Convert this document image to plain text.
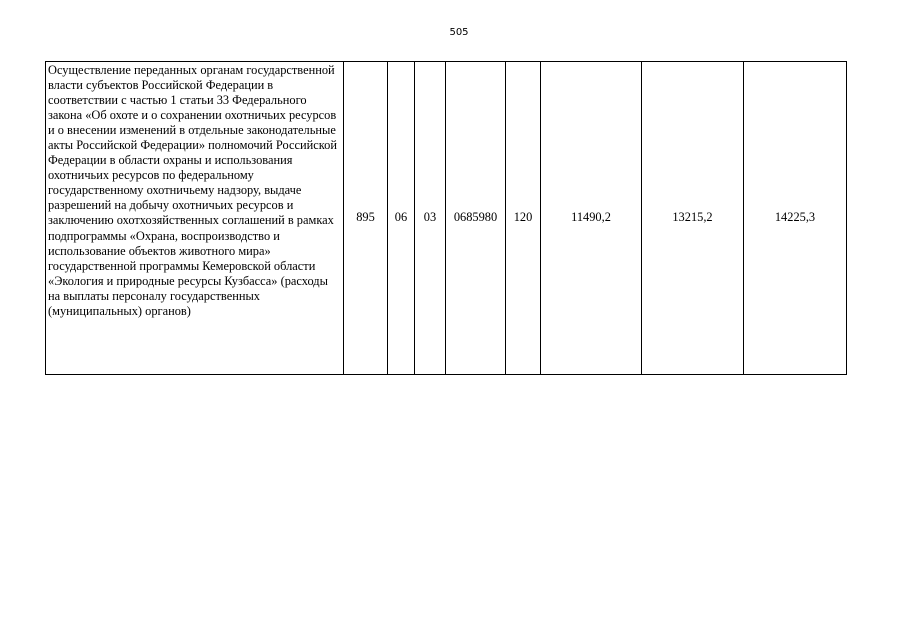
505
Осуществление переданных органам государственной власти субъектов Российской Федерации в соответствии с частью 1 статьи 33 Федерального закона «Об охоте и о сохранении охотничьих ресурсов и о внесении изменений в отдельные законодательные акты Российской Федерации» полномочий Российской Федерации в области охраны и использования охотничьих ресурсов по федеральному государственному охотничьему надзору, выдаче разрешений на добычу охотничьих ресурсов и заключению охотхозяйственных соглашений в рамках подпрограммы «Охрана, воспроизводство и использование объектов животного мира» государственной программы Кемеровской области «Экология и природные ресурсы Кузбасса» (расходы на выплаты персоналу государственных (муниципальных) органов)	895	06	03	0685980	120	11490,2	13215,2	14225,3
